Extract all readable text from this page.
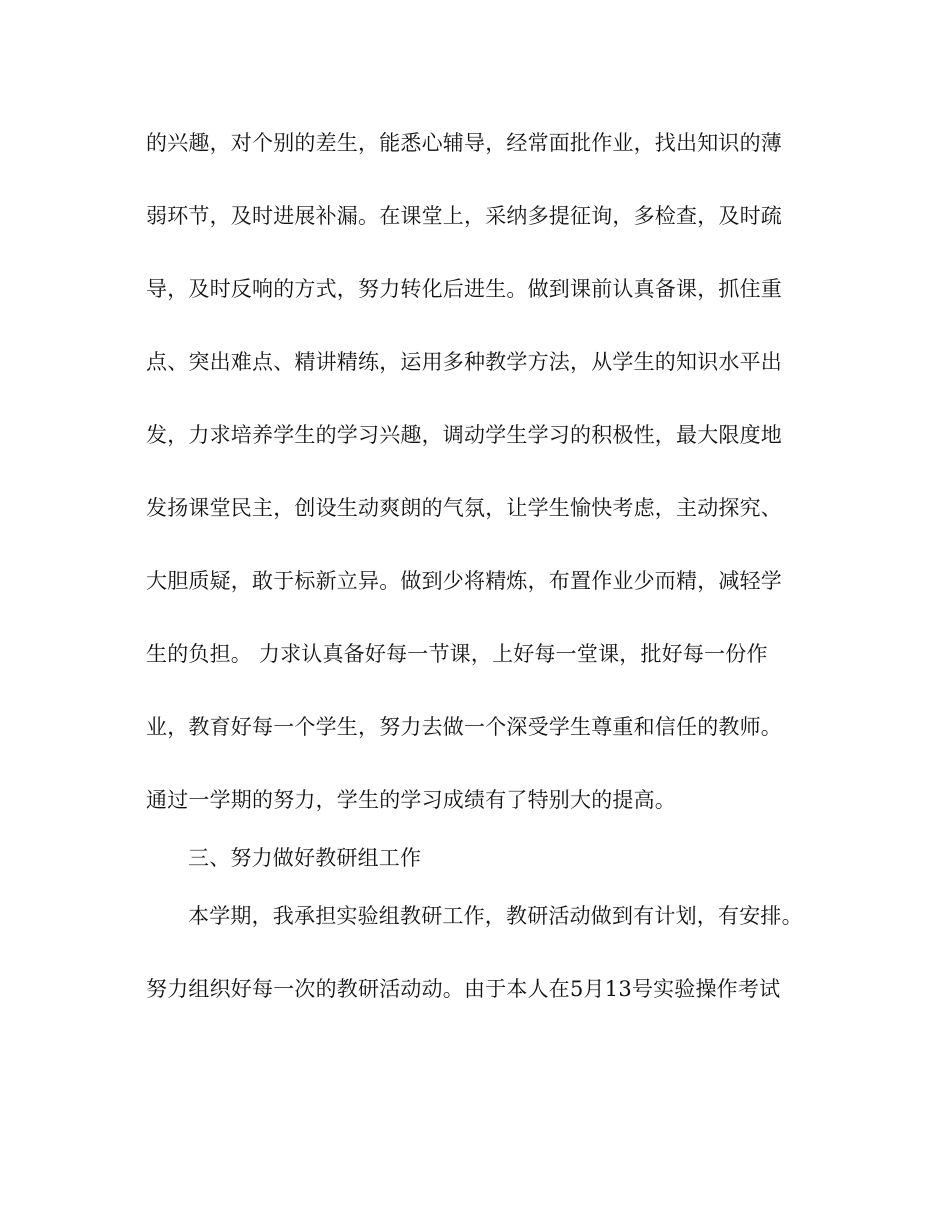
的兴趣，对个别的差生，能悉心辅导，经常面批作业，找出知识的薄
弱环节，及时进展补漏。在课堂上，采纳多提征询，多检查，及时疏
导，及时反响的方式，努力转化后进生。做到课前认真备课，抓住重
点、突出难点、精讲精练，运用多种教学方法，从学生的知识水平出
发，力求培养学生的学习兴趣，调动学生学习的积极性，最大限度地
发扬课堂民主，创设生动爽朗的气氛，让学生愉快考虑，主动探究、
大胆质疑，敢于标新立异。做到少将精炼，布置作业少而精，减轻学
生的负担。 力求认真备好每一节课，上好每一堂课，批好每一份作
业，教育好每一个学生，努力去做一个深受学生尊重和信任的教师。
通过一学期的努力，学生的学习成绩有了特别大的提高。
三、努力做好教研组工作
本学期，我承担实验组教研工作，教研活动做到有计划，有安排。
努力组织好每一次的教研活动动。由于本人在5月13号实验操作考试
